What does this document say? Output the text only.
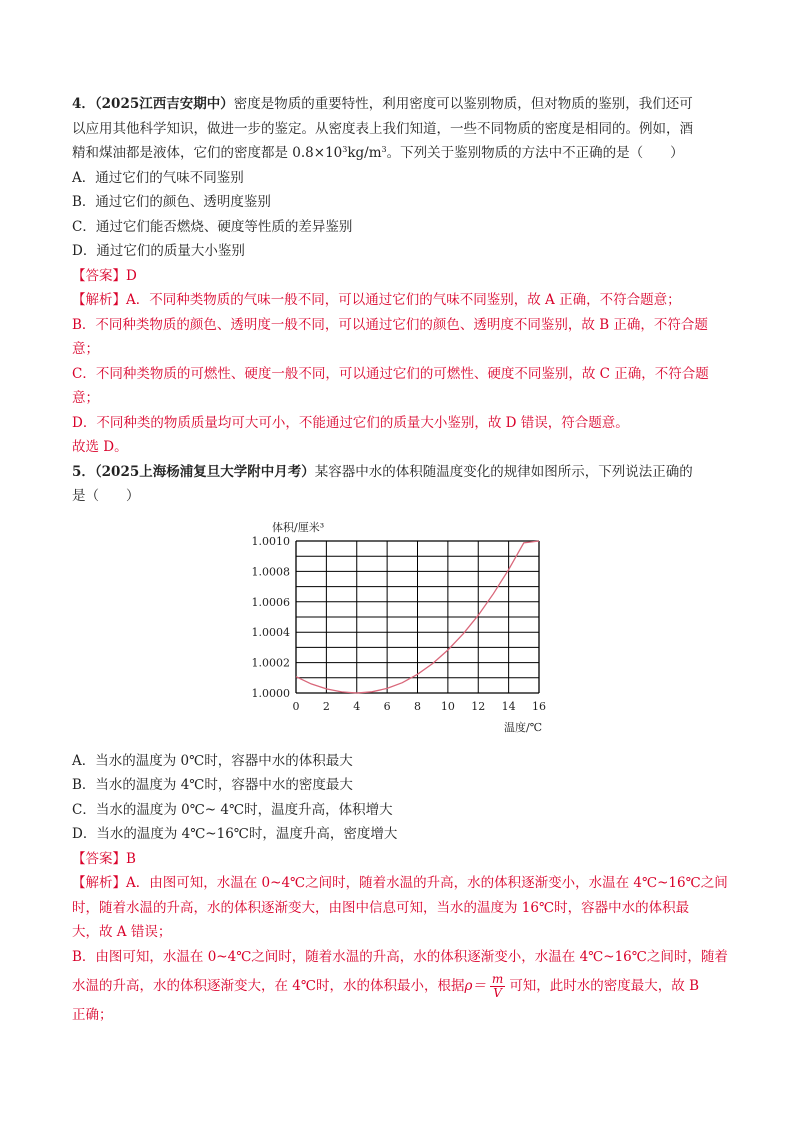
4．（2025江西吉安期中）密度是物质的重要特性，利用密度可以鉴别物质，但对物质的鉴别，我们还可
以应用其他科学知识，做进一步的鉴定。从密度表上我们知道，一些不同物质的密度是相同的。例如，酒
精和煤油都是液体，它们的密度都是 $0.8\times 10^3kg/m^3$。下列关于鉴别物质的方法中不正确的是（　　）
A．通过它们的气味不同鉴别
B．通过它们的颜色、透明度鉴别
C．通过它们能否燃烧、硬度等性质的差异鉴别
D．通过它们的质量大小鉴别
【答案】D
【解析】A．不同种类物质的气味一般不同，可以通过它们的气味不同鉴别，故 A 正确，不符合题意；
B．不同种类物质的颜色、透明度一般不同，可以通过它们的颜色、透明度不同鉴别，故 B 正确，不符合题
意；
C．不同种类物质的可燃性、硬度一般不同，可以通过它们的可燃性、硬度不同鉴别，故 C 正确，不符合题
意；
D．不同种类的物质质量均可大可小，不能通过它们的质量大小鉴别，故 D 错误，符合题意。
故选 D。
5．（2025上海杨浦复旦大学附中月考）某容器中水的体积随温度变化的规律如图所示，下列说法正确的
是（　　）
0 2 4 6 8 10 12 14 16
1.0000
1.0002
1.0004
1.0006
1.0008
1.0010
体积/厘米³
温度/℃
A．当水的温度为 0℃时，容器中水的体积最大
B．当水的温度为 4℃时，容器中水的密度最大
C．当水的温度为 0℃~ 4℃时，温度升高，体积增大
D．当水的温度为 4℃~16℃时，温度升高，密度增大
【答案】B
【解析】A．由图可知，水温在 0~4℃之间时，随着水温的升高，水的体积逐渐变小，水温在 4℃~16℃之间
时，随着水温的升高，水的体积逐渐变大，由图中信息可知，当水的温度为 16℃时，容器中水的体积最
大，故 A 错误；
B．由图可知，水温在 0~4℃之间时，随着水温的升高，水的体积逐渐变小，水温在 4℃~16℃之间时，随着
水温的升高，水的体积逐渐变大，在 4℃时，水的体积最小，根据$\rho= \frac{m}{V}$ 可知，此时水的密度最大，故 B
正确；
